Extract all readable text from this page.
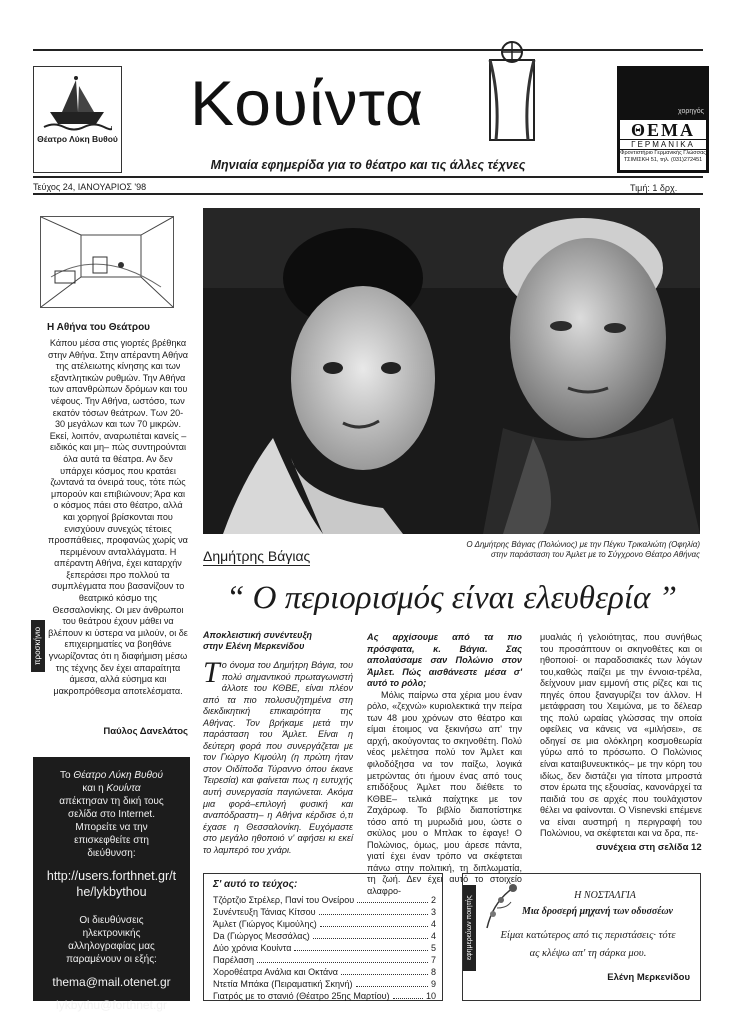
Θέατρο Λύκη Βυθού
Κουίντα
Μηνιαία εφημερίδα για το θέατρο και τις άλλες τέχνες
χορηγός
ΘΕΜΑ
ΓΕΡΜΑΝΙΚΑ
Φροντιστήριο Γερμανικής Γλώσσας
ΤΣΙΜΙΣΚΗ 51, τηλ. (031)272451
Τεύχος 24, ΙΑΝΟΥΑΡΙΟΣ '98	Τιμή: 1 δρχ.
Η Αθήνα του Θεάτρου

Κάπου μέσα στις γιορτές βρέθηκα στην Αθήνα. Στην απέραντη Αθήνα της ατέλειωτης κίνησης και των εξαντλητικών ρυθμών. Την Αθήνα των απανθρώπων δρόμων και του νέφους. Την Αθήνα, ωστόσο, των εκατόν τόσων θεάτρων. Των 20-30 μεγάλων και των 70 μικρών. Εκεί, λοιπόν, αναρωτιέται κανείς –ειδικός και μη– πώς συντηρούνται όλα αυτά τα θέατρα. Αν δεν υπάρχει κόσμος που κρατάει ζωντανά τα όνειρά τους, τότε πώς μπορούν και επιβιώνουν; Άρα και ο κόσμος πάει στο θέατρο, αλλά και χορηγοί βρίσκονται που ενισχύουν συνεχώς τέτοιες προσπάθειες, προφανώς χωρίς να περιμένουν ανταλλάγματα. Η απέραντη Αθήνα, έχει καταρχήν ξεπεράσει προ πολλού τα συμπλέγματα που βασανίζουν το θεατρικό κόσμο της Θεσσαλονίκης. Οι μεν άνθρωποι του θεάτρου έχουν μάθει να βλέπουν κι ύστερα να μιλούν, οι δε επιχειρηματίες να βοηθάνε γνωρίζοντας ότι η διαφήμιση μέσω της τέχνης δεν έχει απαραίτητα άμεσα, αλλά εύσημα και μακροπρόθεσμα αποτελέσματα.

Παύλος Δανελάτος
προσκήνιο

Το Θέατρο Λύκη Βυθού

και η Κουίντα

απέκτησαν τη δική τους σελίδα στο Internet.

Μπορείτε να την επισκεφθείτε στη διεύθυνση:

http://users.forthnet.gr/the/lykbythou

Οι διευθύνσεις ηλεκτρονικής αλληλογραφίας μας παραμένουν οι εξής:

thema@mail.otenet.gr

lykbythu@forthnet.gr

Ο Δημήτρης Βάγιας (Πολώνιος) με την Πέγκυ Τρικαλιώτη (Οφηλία)
στην παράσταση του Άμλετ με το Σύγχρονο Θέατρο Αθήνας
Δημήτρης Βάγιας
“ Ο περιορισμός είναι ελευθερία ”
Αποκλειστική συνέντευξη
στην Ελένη Μερκενίδου
Το όνομα του Δημήτρη Βάγια, του πολύ σημαντικού πρωταγωνιστή άλλοτε του ΚΘΒΕ, είναι πλέον από τα πιο πολυσυζητημένα στη διεκδικητική επικαιρότητα της Αθήνας. Τον βρήκαμε μετά την παράσταση του Άμλετ. Είναι η δεύτερη φορά που συνεργάζεται με τον Γιώργο Κιμούλη (η πρώτη ήταν στον Οιδίποδα Τύραννο όπου έκανε Τειρεσία) και φαίνεται πως η ευτυχής αυτή συνεργασία παγιώνεται. Ακόμα μια φορά–επιλογή φυσική και αναπόδραστη– η Αθήνα κέρδισε ό,τι έχασε η Θεσσαλονίκη. Ευχόμαστε στο μεγάλο ηθοποιό ν' αφήσει κι εκεί το λαμπερό του χνάρι.

Ας αρχίσουμε από τα πιο πρόσφατα, κ. Βάγια. Σας απολαύσαμε σαν Πολώνιο στον Άμλετ. Πώς αισθάνεστε μέσα σ' αυτό το ρόλο;

Μόλις παίρνω στα χέρια μου έναν ρόλο, «ζεχνώ» κυριολεκτικά την πείρα των 48 μου χρόνων στο θέατρο και είμαι έτοιμος να ξεκινήσω απ' την αρχή, ακούγοντας το σκηνοθέτη. Πολύ νέος μελέτησα πολύ τον Άμλετ και φιλοδόξησα να τον παίξω, λογικά μετρώντας ότι ήμουν ένας από τους επιδόξους Άμλετ που διέθετε το ΚΘΒΕ– τελικά παίχτηκε με τον Ζαχάρωφ. Το βιβλίο διαποτίστηκε τόσο από τη μυρωδιά μου, ώστε ο σκύλος μου ο Μπλακ το έφαγε! Ο Πολώνιος, όμως, μου άρεσε πάντα, γιατί έχει έναν τρόπο να σκέφτεται πάνω στην πολιτική, τη διπλωματία, τη ζωή. Δεν έχει αυτό το στοιχείο αλαφρο-

μυαλιάς ή γελοιότητας, που συνήθως του προσάπτουν οι σκηνοθέτες και οι ηθοποιοί· οι παραδοσιακές των λόγων του,καθώς παίζει με την έννοια-τρέλα, δείχνουν μιαν εμμονή στις ρίζες και τις πηγές όπου ξαναγυρίζει τον άλλον. Η μετάφραση του Χειμώνα, με το δέλεαρ της πολύ ωραίας γλώσσας την οποία οφείλεις να κάνεις να «μιλήσει», σε οδηγεί σε μια ολόκληρη κοσμοθεωρία γύρω από το πρόσωπο. Ο Πολώνιος είναι καταιβυνευκτικός– με την κόρη του ιδίως, δεν διστάζει για τίποτα μπροστά στον έρωτα της εξουσίας, κανονάρχεί τα παιδιά του σε αρχές που τουλάχιστον θέλει να φαίνονται. Ο Visnevski επέμενε να είναι αυστηρή η περιγραφή του Πολώνιου, να σκέφτεται και να δρα, πε-

συνέχεια στη σελίδα 12
Σ' αυτό το τεύχος:
Τζόρτζιο Στρέλερ, Πανί του Ονείρου	2
Συνέντευξη Τάνιας Κίτσου	3
Άμλετ (Γιώργος Κιμούλης)	4
Da (Γιώργος Μεσσάλας)	4
Δύο χρόνια Κουίντα	5
Παρέλαση	7
Χοροθέατρα Ανάλια και Οκτάνα	8
Ντετία Μπάκα (Πειραματική Σκηνή)	9
Γιατρός με το στανιό (Θέατρο 25ης Μαρτίου)	10
εφημερεύων ποιητής
Η ΝΟΣΤΑΛΓΙΑ
Μια δροσερή μηχανή των οδυσσέων
Είμαι κατώτερος από τις περιστάσεις· τότε
ας κλέψω απ' τη σάρκα μου.
Ελένη Μερκενίδου
